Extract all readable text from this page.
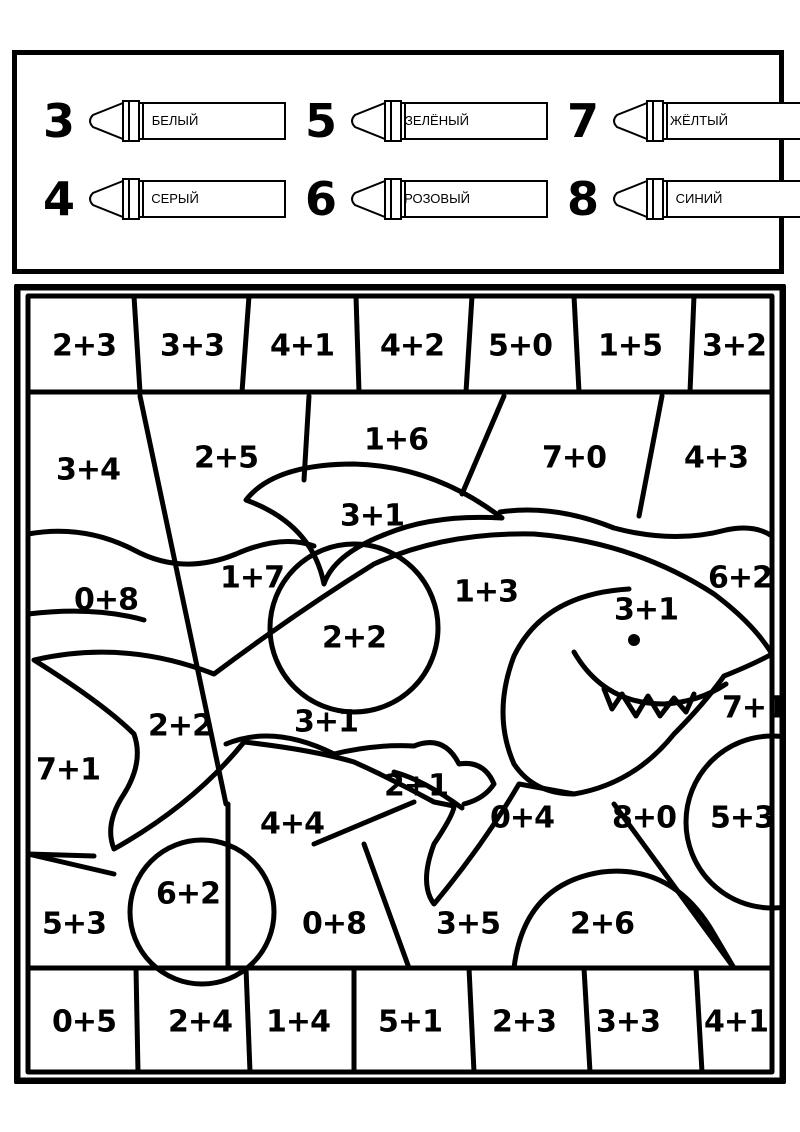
3	БЕЛЫЙ	5	ЗЕЛЁНЫЙ	7	ЖЁЛТЫЙ
4	СЕРЫЙ	6	РОЗОВЫЙ	8	СИНИЙ
2+3 3+3 4+1 4+2 5+0 1+5 3+2
3+4 2+5
1+6
7+0	4+3
3+1
0+8
1+7	1+3	6+2
3+1
2+2
2+2	3+1	7+1
7+1	2+1
4+4	0+4 8+0 5+3
6+2
5+3	0+8 3+5 2+6
0+5 2+4 1+4 5+1 2+3 3+3 4+1
